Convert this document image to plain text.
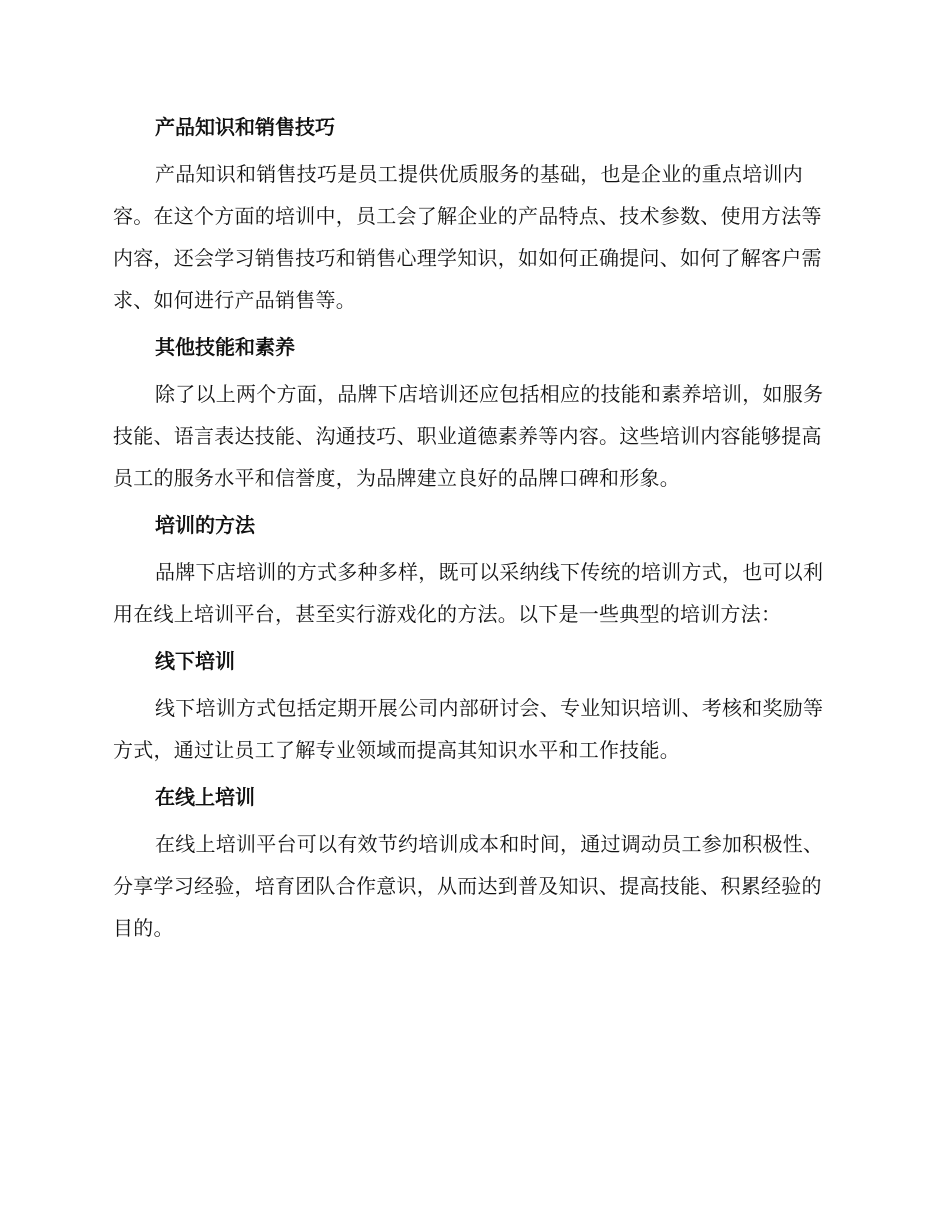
产品知识和销售技巧

产品知识和销售技巧是员工提供优质服务的基础，也是企业的重点培训内容。在这个方面的培训中，员工会了解企业的产品特点、技术参数、使用方法等内容，还会学习销售技巧和销售心理学知识，如如何正确提问、如何了解客户需求、如何进行产品销售等。

其他技能和素养

除了以上两个方面，品牌下店培训还应包括相应的技能和素养培训，如服务技能、语言表达技能、沟通技巧、职业道德素养等内容。这些培训内容能够提高员工的服务水平和信誉度，为品牌建立良好的品牌口碑和形象。

培训的方法

品牌下店培训的方式多种多样，既可以采纳线下传统的培训方式，也可以利用在线上培训平台，甚至实行游戏化的方法。以下是一些典型的培训方法：

线下培训

线下培训方式包括定期开展公司内部研讨会、专业知识培训、考核和奖励等方式，通过让员工了解专业领域而提高其知识水平和工作技能。

在线上培训

在线上培训平台可以有效节约培训成本和时间，通过调动员工参加积极性、分享学习经验，培育团队合作意识，从而达到普及知识、提高技能、积累经验的目的。
